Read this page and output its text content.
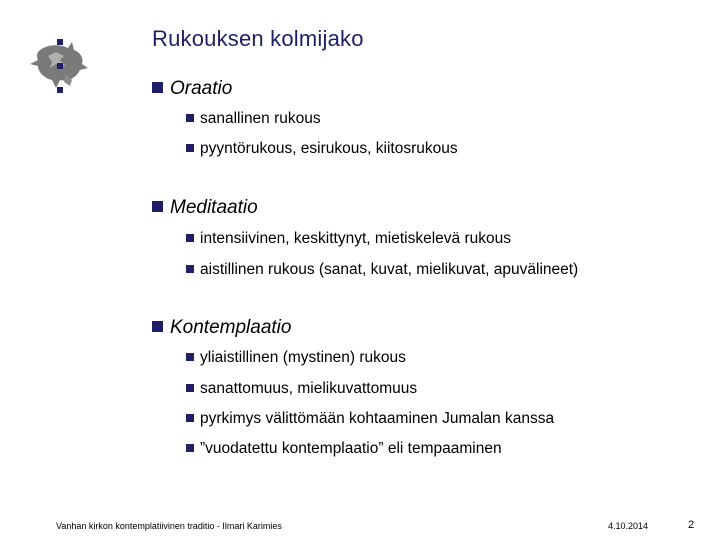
Rukouksen kolmijako
Oraatio
sanallinen rukous
pyyntörukous, esirukous, kiitosrukous
Meditaatio
intensiivinen, keskittynyt, mietiskelevä rukous
aistillinen rukous (sanat, kuvat, mielikuvat, apuvälineet)
Kontemplaatio
yliaistillinen (mystinen) rukous
sanattomuus, mielikuvattomuus
pyrkimys välittömään kohtaaminen Jumalan kanssa
”vuodatettu kontemplaatio” eli tempaaminen
Vanhan kirkon kontemplatiivinen traditio - Ilmari Karimies	4.10.2014	2
